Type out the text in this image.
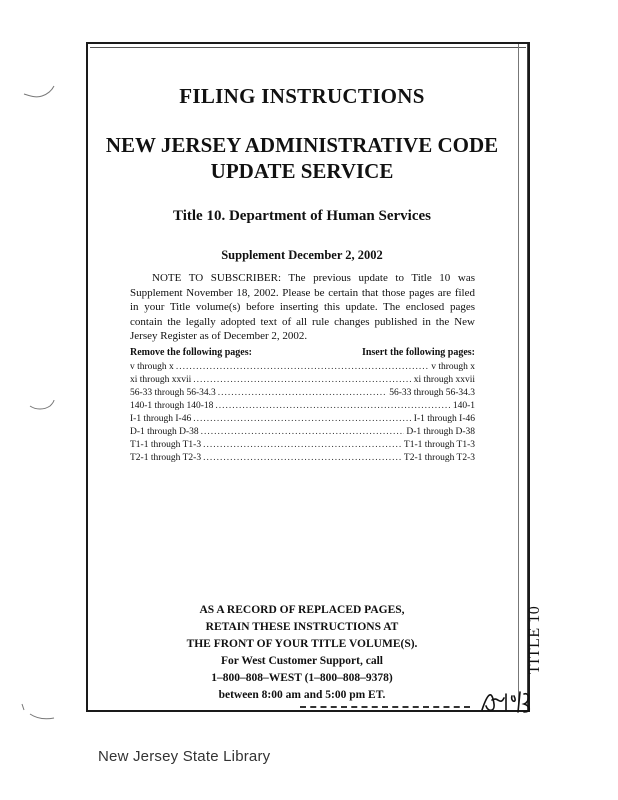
FILING INSTRUCTIONS
NEW JERSEY ADMINISTRATIVE CODE
UPDATE SERVICE
Title 10. Department of Human Services
Supplement December 2, 2002

NOTE TO SUBSCRIBER: The previous update to Title 10 was Supplement November 18, 2002. Please be certain that those pages are filed in your Title volume(s) before inserting this update. The enclosed pages contain the legally adopted text of all rule changes published in the New Jersey Register as of December 2, 2002.

Remove the following pages:	Insert the following pages:
v through x .....	v through x
xi through xxvii .....	xi through xxvii
56-33 through 56-34.3 .....	56-33 through 56-34.3
140-1 through 140-18 .....	140-1
I-1 through I-46 .....	I-1 through I-46
D-1 through D-38 .....	D-1 through D-38
T1-1 through T1-3 .....	T1-1 through T1-3
T2-1 through T2-3 .....	T2-1 through T2-3
AS A RECORD OF REPLACED PAGES,
RETAIN THESE INSTRUCTIONS AT
THE FRONT OF YOUR TITLE VOLUME(S).
For West Customer Support, call
1–800–808–WEST (1–800–808–9378)
between 8:00 am and 5:00 pm ET.
TITLE 10
New Jersey State Library
